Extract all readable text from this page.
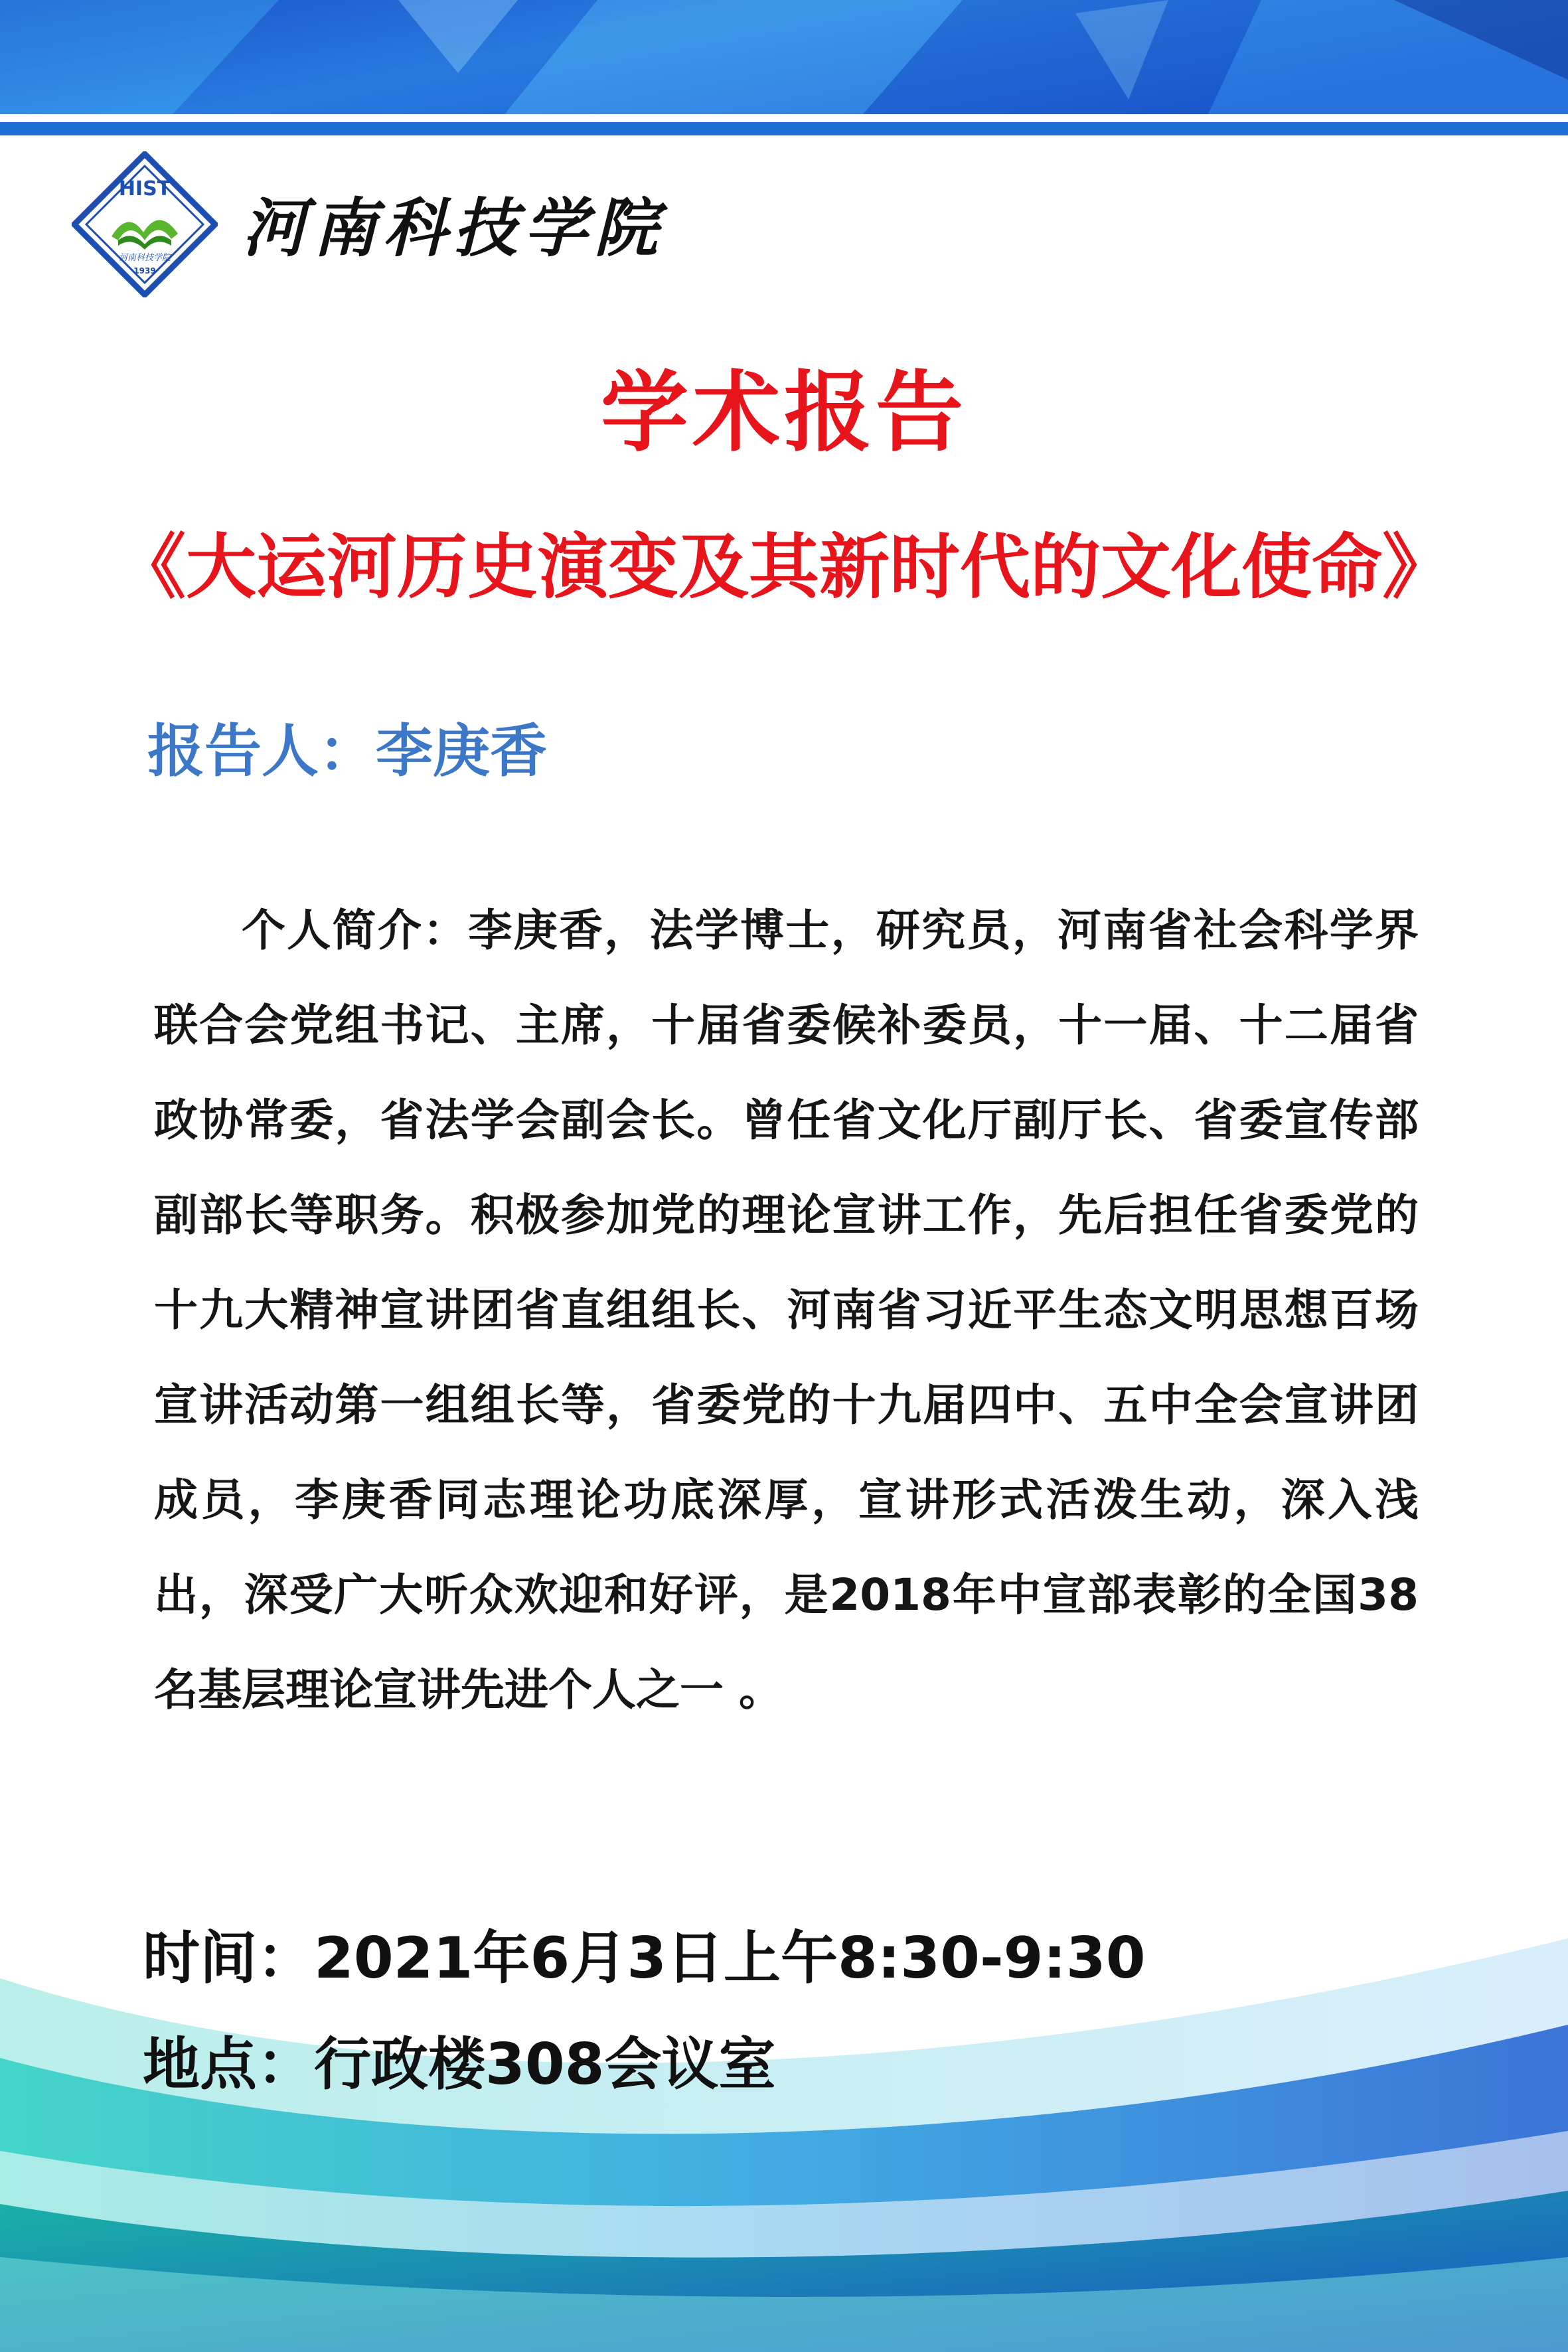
HIST
河南科技学院
1939
河南科技学院
学术报告
《大运河历史演变及其新时代的文化使命》
报告人：李庚香

个人简介：李庚香，法学博士，研究员，河南省社会科学界联合会党组书记、主席，十届省委候补委员，十一届、十二届省政协常委，省法学会副会长。曾任省文化厅副厅长、省委宣传部副部长等职务。积极参加党的理论宣讲工作，先后担任省委党的十九大精神宣讲团省直组组长、河南省习近平生态文明思想百场宣讲活动第一组组长等，省委党的十九届四中、五中全会宣讲团成员，李庚香同志理论功底深厚，宣讲形式活泼生动，深入浅出，深受广大听众欢迎和好评，是2018年中宣部表彰的全国38名基层理论宣讲先进个人之一 。

时间：2021年6月3日上午8:30-9:30
地点：行政楼308会议室
